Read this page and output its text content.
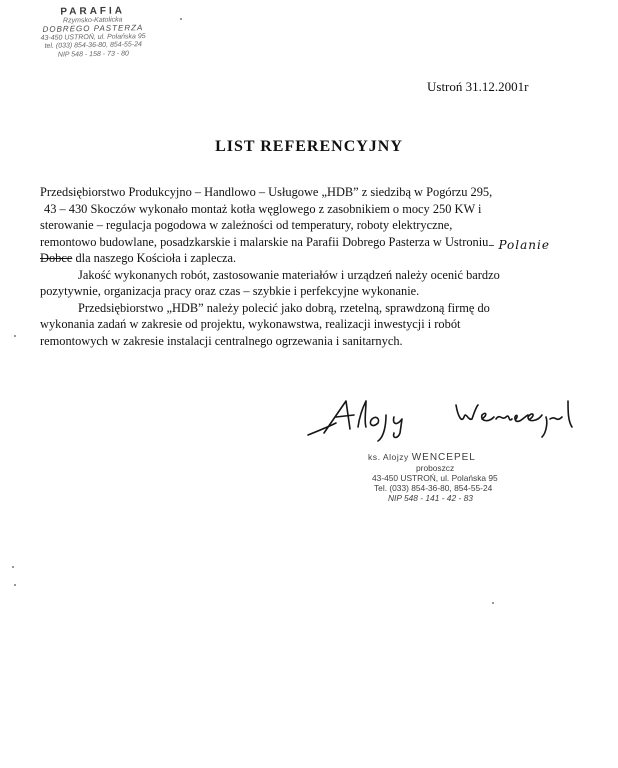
PARAFIA
Rzymsko-Katolicka
DOBREGO PASTERZA
43-450 USTROŃ, ul. Polańska 95
tel. (033) 854-36-80, 854-55-24
NIP 548 - 158 - 73 - 80
Ustroń 31.12.2001r
LIST REFERENCYJNY

Przedsiębiorstwo Produkcyjno – Handlowo – Usługowe „HDB” z siedzibą w Pogórzu 295,
43 – 430 Skoczów wykonało montaż kotła węglowego z zasobnikiem o mocy 250 KW i
sterowanie – regulacja pogodowa w zależności od temperatury, roboty elektryczne,
remontowo budowlane, posadzkarskie i malarskie na Parafii Dobrego Pasterza w Ustroniu– Polanie
Dobce dla naszego Kościoła i zaplecza.

Jakość wykonanych robót, zastosowanie materiałów i urządzeń należy ocenić bardzo
pozytywnie, organizacja pracy oraz czas – szybkie i perfekcyjne wykonanie.

Przedsiębiorstwo „HDB” należy polecić jako dobrą, rzetelną, sprawdzoną firmę do
wykonania zadań w zakresie od projektu, wykonawstwa, realizacji inwestycji i robót
remontowych w zakresie instalacji centralnego ogrzewania i sanitarnych.

ks. Alojzy WENCEPEL
proboszcz
43-450 USTROŃ, ul. Polańska 95
Tel. (033) 854-36-80, 854-55-24
NIP 548 - 141 - 42 - 83
